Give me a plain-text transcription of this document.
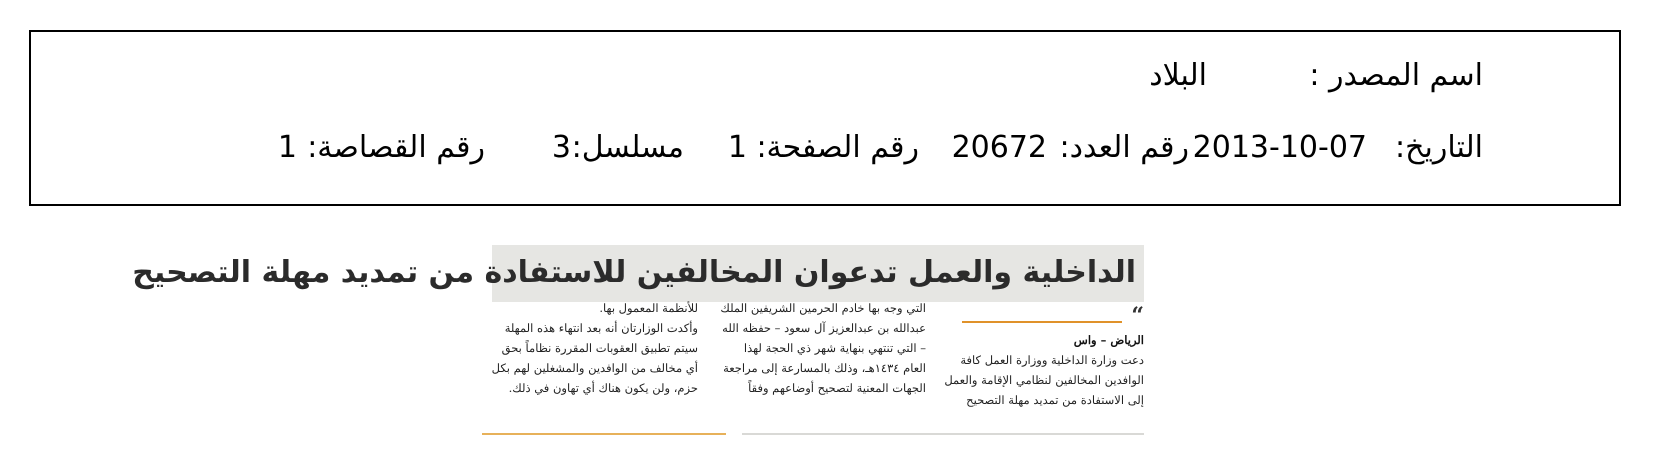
اسم المصدر :
البلاد
التاريخ:
2013-10-07
رقم العدد:
20672
رقم الصفحة:
1
مسلسل:
3
رقم القصاصة:
1
الداخلية والعمل تدعوان المخالفين للاستفادة من تمديد مهلة التصحيح
“
الرياض – واس
دعت وزارة الداخلية ووزارة العمل كافة
الوافدين المخالفين لنظامي الإقامة والعمل
إلى الاستفادة من تمديد مهلة التصحيح
التي وجه بها خادم الحرمين الشريفين الملك
عبدالله بن عبدالعزيز آل سعود – حفظه الله
– التي تنتهي بنهاية شهر ذي الحجة لهذا
العام ١٤٣٤هـ، وذلك بالمسارعة إلى مراجعة
الجهات المعنية لتصحيح أوضاعهم وفقاً
للأنظمة المعمول بها.
وأكدت الوزارتان أنه بعد انتهاء هذه المهلة
سيتم تطبيق العقوبات المقررة نظاماً بحق
أي مخالف من الوافدين والمشغلين لهم بكل
حزم، ولن يكون هناك أي تهاون في ذلك.
